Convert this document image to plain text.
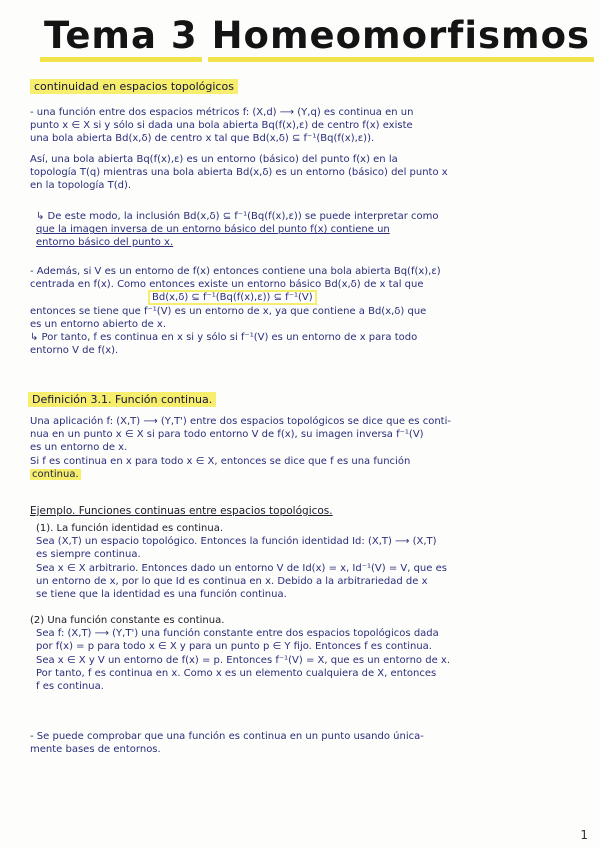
Tema 3 Homeomorfismos
continuidad en espacios topológicos
- una función entre dos espacios métricos f: (X,d) ⟶ (Y,q) es continua en un
punto x ∈ X si y sólo si dada una bola abierta Bq(f(x),ε) de centro f(x) existe
una bola abierta Bd(x,δ) de centro x tal que Bd(x,δ) ⊆ f⁻¹(Bq(f(x),ε)).
Así, una bola abierta Bq(f(x),ε) es un entorno (básico) del punto f(x) en la
topología T(q) mientras una bola abierta Bd(x,δ) es un entorno (básico) del punto x
en la topología T(d).
↳ De este modo, la inclusión Bd(x,δ) ⊆ f⁻¹(Bq(f(x),ε)) se puede interpretar como
que la imagen inversa de un entorno básico del punto f(x) contiene un
entorno básico del punto x.
- Además, si V es un entorno de f(x) entonces contiene una bola abierta Bq(f(x),ε)
centrada en f(x). Como entonces existe un entorno básico Bd(x,δ) de x tal que
Bd(x,δ) ⊆ f⁻¹(Bq(f(x),ε)) ⊆ f⁻¹(V)
entonces se tiene que f⁻¹(V) es un entorno de x, ya que contiene a Bd(x,δ) que
es un entorno abierto de x.
↳ Por tanto, f es continua en x si y sólo si f⁻¹(V) es un entorno de x para todo
entorno V de f(x).
Definición 3.1. Función continua.
Una aplicación f: (X,T) ⟶ (Y,T') entre dos espacios topológicos se dice que es conti-
nua en un punto x ∈ X si para todo entorno V de f(x), su imagen inversa f⁻¹(V)
es un entorno de x.
Si f es continua en x para todo x ∈ X, entonces se dice que f es una función
continua.
Ejemplo. Funciones continuas entre espacios topológicos.
(1). La función identidad es continua.
Sea (X,T) un espacio topológico. Entonces la función identidad Id: (X,T) ⟶ (X,T)
es siempre continua.
Sea x ∈ X arbitrario. Entonces dado un entorno V de Id(x) = x, Id⁻¹(V) = V, que es
un entorno de x, por lo que Id es continua en x. Debido a la arbitrariedad de x
se tiene que la identidad es una función continua.
(2) Una función constante es continua.
Sea f: (X,T) ⟶ (Y,T') una función constante entre dos espacios topológicos dada
por f(x) = p para todo x ∈ X y para un punto p ∈ Y fijo. Entonces f es continua.
Sea x ∈ X y V un entorno de f(x) = p. Entonces f⁻¹(V) = X, que es un entorno de x.
Por tanto, f es continua en x. Como x es un elemento cualquiera de X, entonces
f es continua.
- Se puede comprobar que una función es continua en un punto usando única-
mente bases de entornos.
1
